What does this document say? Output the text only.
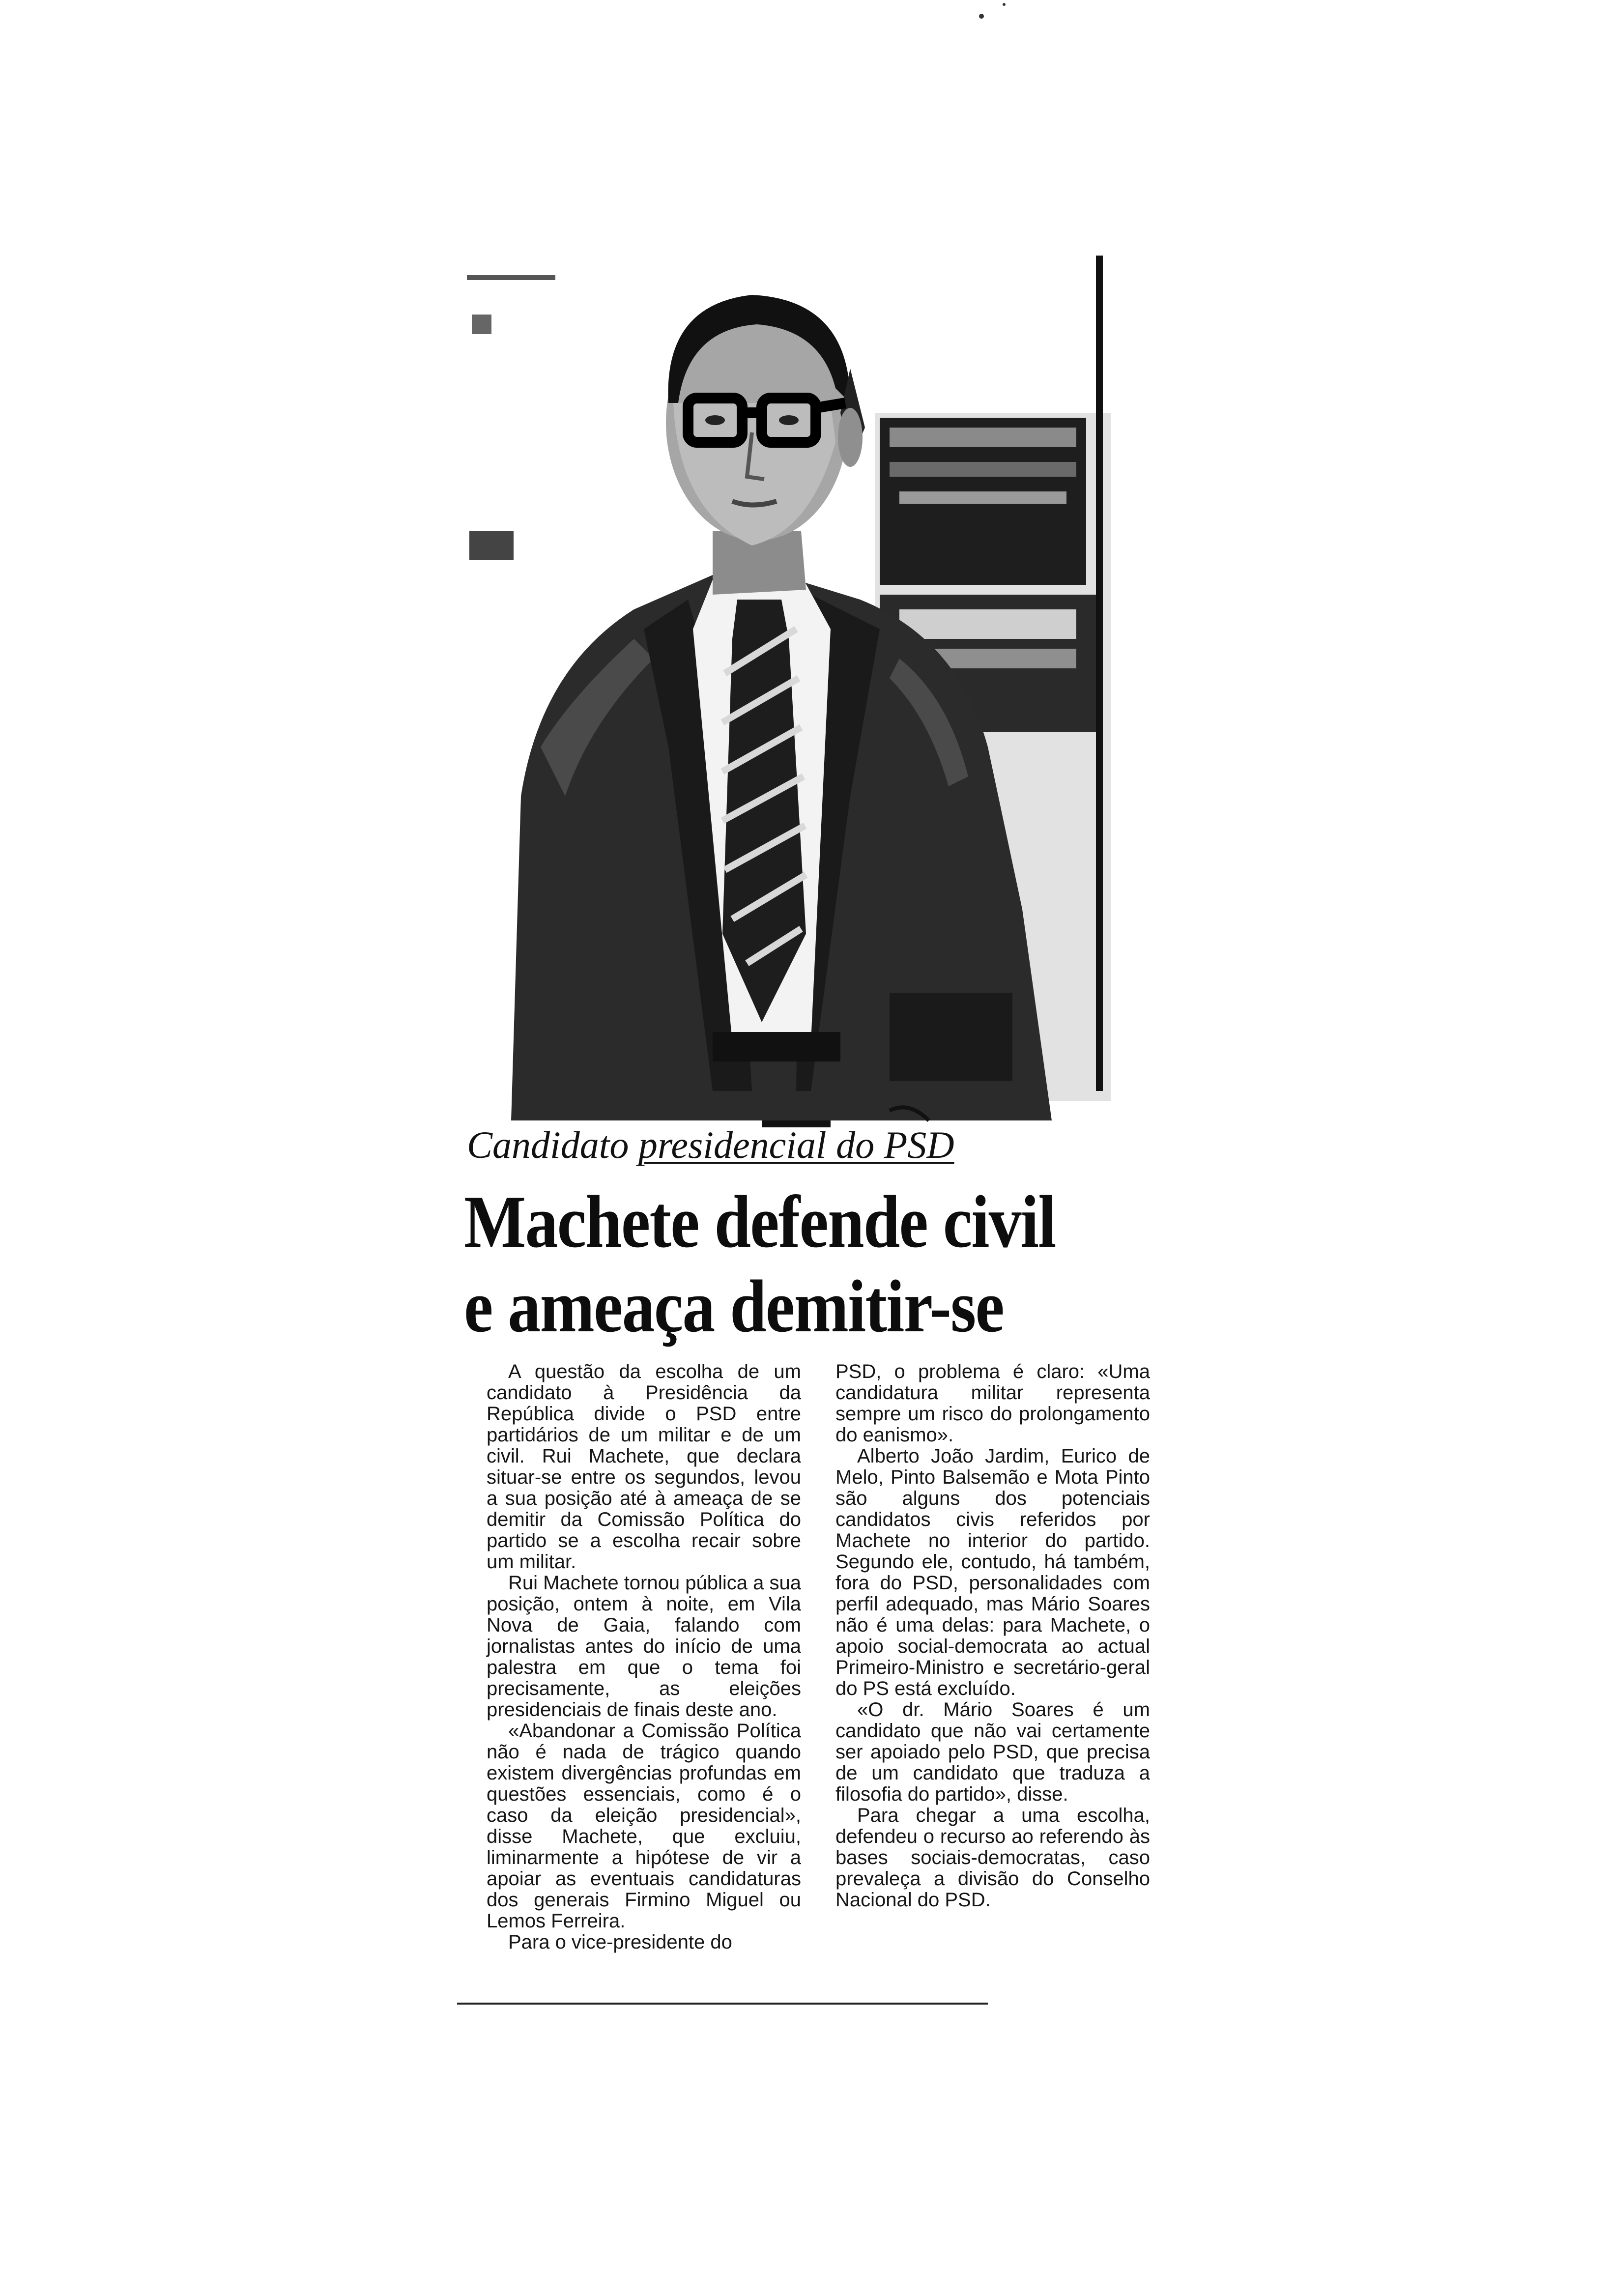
Candidato presidencial do PSD
Machete defende civil
e ameaça demitir-se

A questão da escolha de um candidato à Presidência da República divide o PSD entre partidários de um militar e de um civil. Rui Machete, que declara situar-se entre os segundos, levou a sua posição até à ameaça de se demitir da Comissão Política do partido se a escolha recair sobre um militar.

Rui Machete tornou pública a sua posição, ontem à noite, em Vila Nova de Gaia, falando com jornalistas antes do início de uma palestra em que o tema foi precisamente, as eleições presidenciais de finais deste ano.

«Abandonar a Comissão Política não é nada de trágico quando existem divergências profundas em questões essenciais, como é o caso da eleição presidencial», disse Machete, que excluiu, liminarmente a hipótese de vir a apoiar as eventuais candidaturas dos generais Firmino Miguel ou Lemos Ferreira.

Para o vice-presidente do

PSD, o problema é claro: «Uma candidatura militar representa sempre um risco do prolongamento do eanismo».

Alberto João Jardim, Eurico de Melo, Pinto Balsemão e Mota Pinto são alguns dos potenciais candidatos civis referidos por Machete no interior do partido. Segundo ele, contudo, há também, fora do PSD, personalidades com perfil adequado, mas Mário Soares não é uma delas: para Machete, o apoio social-democrata ao actual Primeiro-Ministro e secretário-geral do PS está excluído.

«O dr. Mário Soares é um candidato que não vai certamente ser apoiado pelo PSD, que precisa de um candidato que traduza a filosofia do partido», disse.

Para chegar a uma escolha, defendeu o recurso ao referendo às bases sociais-democratas, caso prevaleça a divisão do Conselho Nacional do PSD.
